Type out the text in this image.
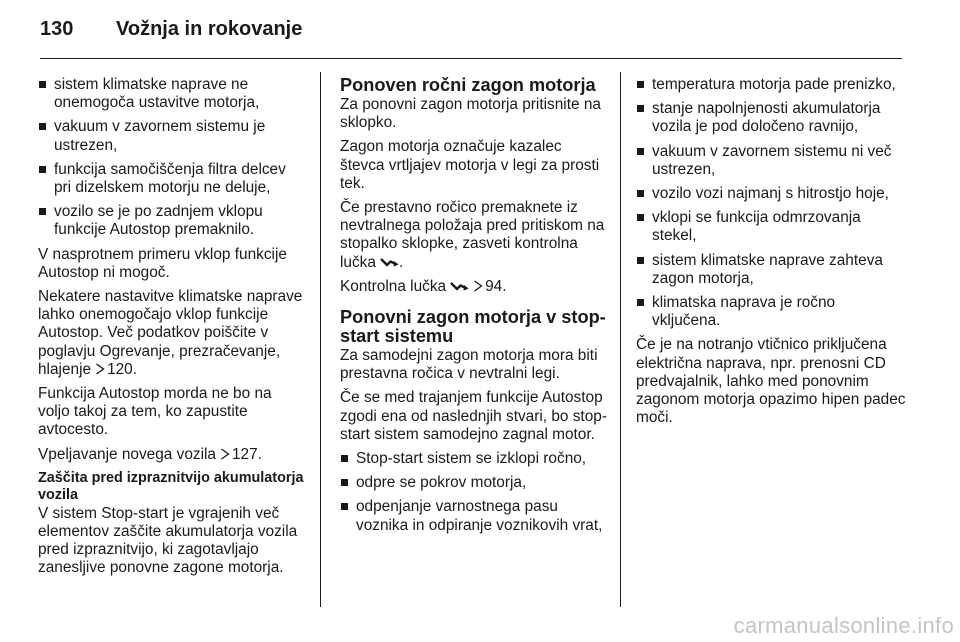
130 Vožnja in rokovanje
sistem klimatske naprave ne onemogoča ustavitve motorja,
vakuum v zavornem sistemu je ustrezen,
funkcija samočiščenja filtra delcev pri dizelskem motorju ne deluje,
vozilo se je po zadnjem vklopu funkcije Autostop premaknilo.

V nasprotnem primeru vklop funkcije Autostop ni mogoč.

Nekatere nastavitve klimatske naprave lahko onemogočajo vklop funkcije Autostop. Več podatkov poiščite v poglavju Ogrevanje, prezračevanje, hlajenje 120.

Funkcija Autostop morda ne bo na voljo takoj za tem, ko zapustite avtocesto.

Vpeljavanje novega vozila 127.

Zaščita pred izpraznitvijo akumulatorja vozila

V sistem Stop-start je vgrajenih več elementov zaščite akumulatorja vozila pred izpraznitvijo, ki zagotavljajo zanesljive ponovne zagone motorja.

Ponoven ročni zagon motorja

Za ponovni zagon motorja pritisnite na sklopko.

Zagon motorja označuje kazalec števca vrtljajev motorja v legi za prosti tek.

Če prestavno ročico premaknete iz nevtralnega položaja pred pritiskom na stopalko sklopke, zasveti kontrolna lučka .

Kontrolna lučka	94.

Ponovni zagon motorja v stop-start sistemu

Za samodejni zagon motorja mora biti prestavna ročica v nevtralni legi.

Če se med trajanjem funkcije Autostop zgodi ena od naslednjih stvari, bo stop-start sistem samodejno zagnal motor.

Stop-start sistem se izklopi ročno,
odpre se pokrov motorja,
odpenjanje varnostnega pasu voznika in odpiranje voznikovih vrat,
temperatura motorja pade prenizko,
stanje napolnjenosti akumulatorja vozila je pod določeno ravnijo,
vakuum v zavornem sistemu ni več ustrezen,
vozilo vozi najmanj s hitrostjo hoje,
vklopi se funkcija odmrzovanja stekel,
sistem klimatske naprave zahteva zagon motorja,
klimatska naprava je ročno vključena.

Če je na notranjo vtičnico priključena električna naprava, npr. prenosni CD predvajalnik, lahko med ponovnim zagonom motorja opazimo hipen padec moči.

carmanualsonline.info
